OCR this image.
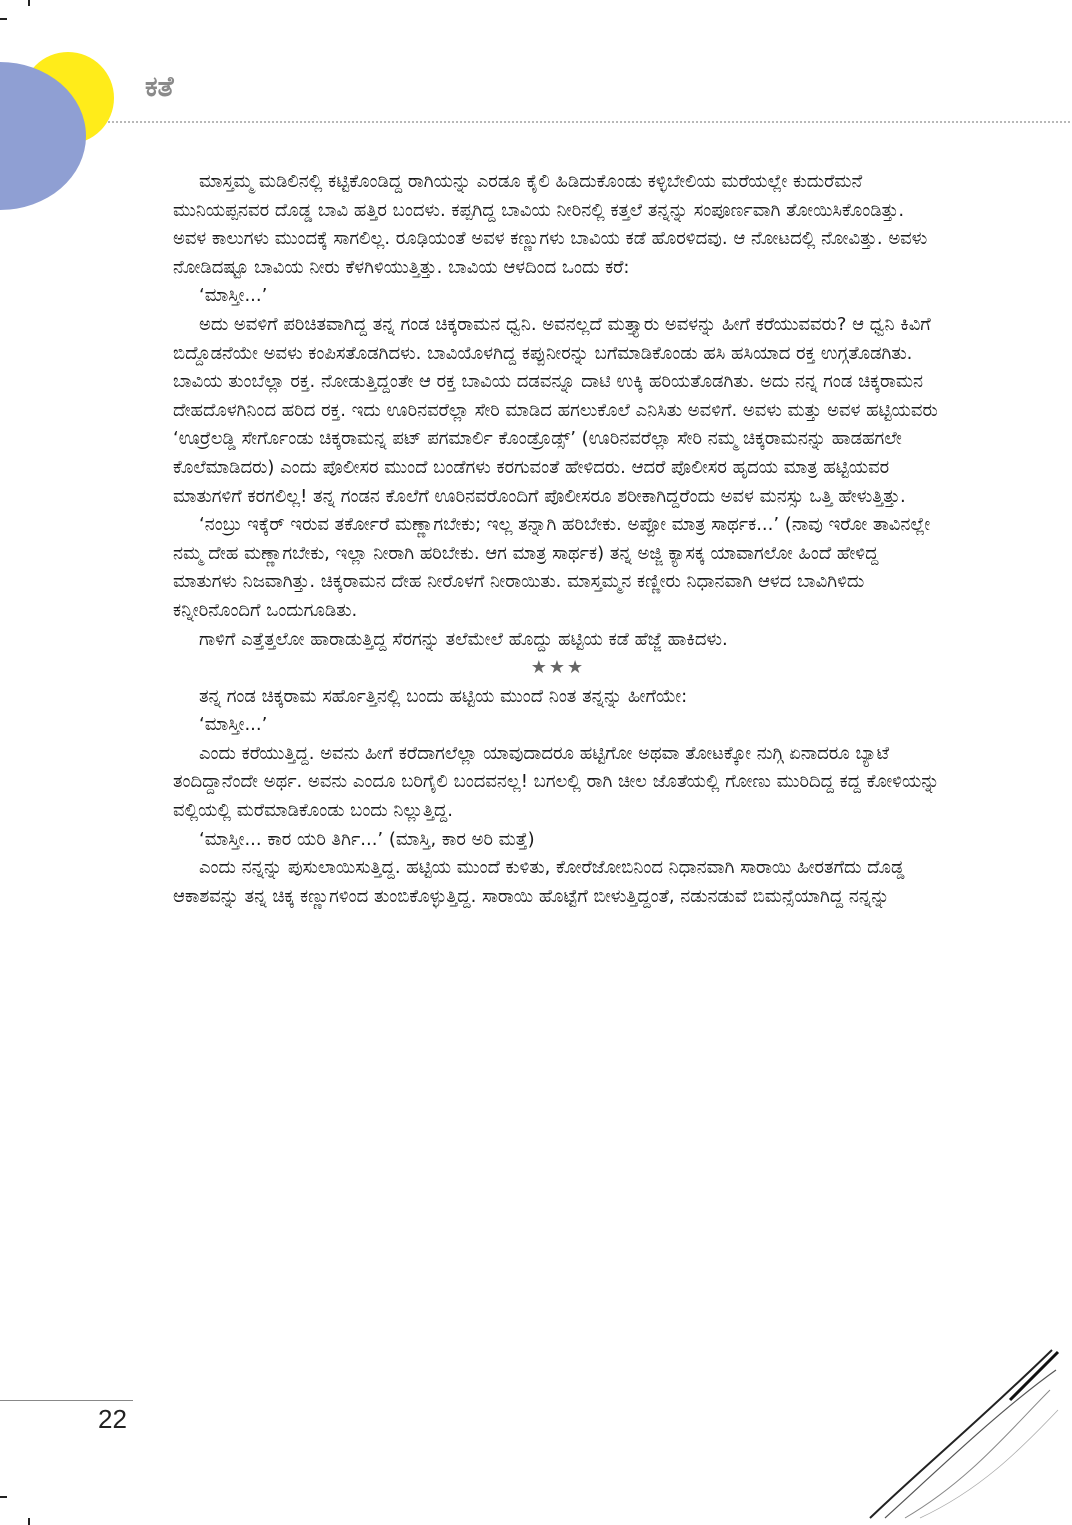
ಕತೆ

ಮಾಸ್ತಮ್ಮ ಮಡಿಲಿನಲ್ಲಿ ಕಟ್ಟಿಕೊಂಡಿದ್ದ ರಾಗಿಯನ್ನು ಎರಡೂ ಕೈಲಿ ಹಿಡಿದುಕೊಂಡು ಕಳ್ಳಿಬೇಲಿಯ ಮರೆಯಲ್ಲೇ ಕುದುರೆಮನೆ ಮುನಿಯಪ್ಪನವರ ದೊಡ್ಡ ಬಾವಿ ಹತ್ತಿರ ಬಂದಳು. ಕಪ್ಪಗಿದ್ದ ಬಾವಿಯ ನೀರಿನಲ್ಲಿ ಕತ್ತಲೆ ತನ್ನನ್ನು ಸಂಪೂರ್ಣವಾಗಿ ತೋಯಿಸಿಕೊಂಡಿತ್ತು. ಅವಳ ಕಾಲುಗಳು ಮುಂದಕ್ಕೆ ಸಾಗಲಿಲ್ಲ. ರೂಢಿಯಂತೆ ಅವಳ ಕಣ್ಣುಗಳು ಬಾವಿಯ ಕಡೆ ಹೊರಳಿದವು. ಆ ನೋಟದಲ್ಲಿ ನೋವಿತ್ತು. ಅವಳು ನೋಡಿದಷ್ಟೂ ಬಾವಿಯ ನೀರು ಕೆಳಗಿಳಿಯುತ್ತಿತ್ತು. ಬಾವಿಯ ಆಳದಿಂದ ಒಂದು ಕರೆ:

‘ಮಾಸ್ತೀ...’

ಅದು ಅವಳಿಗೆ ಪರಿಚಿತವಾಗಿದ್ದ ತನ್ನ ಗಂಡ ಚಿಕ್ಕರಾಮನ ಧ್ವನಿ. ಅವನಲ್ಲದೆ ಮತ್ತ್ಯಾರು ಅವಳನ್ನು ಹೀಗೆ ಕರೆಯುವವರು? ಆ ಧ್ವನಿ ಕಿವಿಗೆ ಬಿದ್ದೊಡನೆಯೇ ಅವಳು ಕಂಪಿಸತೊಡಗಿದಳು. ಬಾವಿಯೊಳಗಿದ್ದ ಕಪ್ಪುನೀರನ್ನು ಬಗೆಮಾಡಿಕೊಂಡು ಹಸಿ ಹಸಿಯಾದ ರಕ್ತ ಉಗ್ಗತೊಡಗಿತು. ಬಾವಿಯ ತುಂಬೆಲ್ಲಾ ರಕ್ತ. ನೋಡುತ್ತಿದ್ದಂತೇ ಆ ರಕ್ತ ಬಾವಿಯ ದಡವನ್ನೂ ದಾಟಿ ಉಕ್ಕಿ ಹರಿಯತೊಡಗಿತು. ಅದು ನನ್ನ ಗಂಡ ಚಿಕ್ಕರಾಮನ ದೇಹದೊಳಗಿನಿಂದ ಹರಿದ ರಕ್ತ. ಇದು ಊರಿನವರೆಲ್ಲಾ ಸೇರಿ ಮಾಡಿದ ಹಗಲುಕೊಲೆ ಎನಿಸಿತು ಅವಳಿಗೆ. ಅವಳು ಮತ್ತು ಅವಳ ಹಟ್ಟಿಯವರು ‘ಊರ್ರೆಲಡ್ಡಿ ಸೇರ್ಗೊಂಡು ಚಿಕ್ಕರಾಮನ್ನ ಪಟ್ ಪಗಮಾರ್ಲಿ ಕೊಂಡ್ರೊಡ್ಸ್’ (ಊರಿನವರೆಲ್ಲಾ ಸೇರಿ ನಮ್ಮ ಚಿಕ್ಕರಾಮನನ್ನು ಹಾಡಹಗಲೇ ಕೊಲೆಮಾಡಿದರು) ಎಂದು ಪೊಲೀಸರ ಮುಂದೆ ಬಂಡೆಗಳು ಕರಗುವಂತೆ ಹೇಳಿದರು. ಆದರೆ ಪೊಲೀಸರ ಹೃದಯ ಮಾತ್ರ ಹಟ್ಟಿಯವರ ಮಾತುಗಳಿಗೆ ಕರಗಲಿಲ್ಲ! ತನ್ನ ಗಂಡನ ಕೊಲೆಗೆ ಊರಿನವರೊಂದಿಗೆ ಪೊಲೀಸರೂ ಶರೀಕಾಗಿದ್ದರೆಂದು ಅವಳ ಮನಸ್ಸು ಒತ್ತಿ ಹೇಳುತ್ತಿತ್ತು.

‘ನಂಬ್ರು ಇಕ್ಕೆರ್ ಇರುವ ತರ್ಕೋರೆ ಮಣ್ಣಾಗಬೇಕು; ಇಲ್ಲ ತನ್ನಾಗಿ ಹರಿಬೇಕು. ಅಪ್ಪೋ ಮಾತ್ರ ಸಾರ್ಥಕ...’ (ನಾವು ಇರೋ ತಾವಿನಲ್ಲೇ ನಮ್ಮ ದೇಹ ಮಣ್ಣಾಗಬೇಕು, ಇಲ್ಲಾ ನೀರಾಗಿ ಹರಿಬೇಕು. ಆಗ ಮಾತ್ರ ಸಾರ್ಥಕ) ತನ್ನ ಅಜ್ಜಿ ಕ್ಯಾಸಕ್ಕ ಯಾವಾಗಲೋ ಹಿಂದೆ ಹೇಳಿದ್ದ ಮಾತುಗಳು ನಿಜವಾಗಿತ್ತು. ಚಿಕ್ಕರಾಮನ ದೇಹ ನೀರೊಳಗೆ ನೀರಾಯಿತು. ಮಾಸ್ತಮ್ಮನ ಕಣ್ಣೀರು ನಿಧಾನವಾಗಿ ಆಳದ ಬಾವಿಗಿಳಿದು ಕನ್ನೀರಿನೊಂದಿಗೆ ಒಂದುಗೂಡಿತು.

ಗಾಳಿಗೆ ಎತ್ತೆತ್ತಲೋ ಹಾರಾಡುತ್ತಿದ್ದ ಸೆರಗನ್ನು ತಲೆಮೇಲೆ ಹೊದ್ದು ಹಟ್ಟಿಯ ಕಡೆ ಹೆಜ್ಜೆ ಹಾಕಿದಳು.

★★★

ತನ್ನ ಗಂಡ ಚಿಕ್ಕರಾಮ ಸರ್ಹೊತ್ತಿನಲ್ಲಿ ಬಂದು ಹಟ್ಟಿಯ ಮುಂದೆ ನಿಂತ ತನ್ನನ್ನು ಹೀಗೆಯೇ:

‘ಮಾಸ್ತೀ...’

ಎಂದು ಕರೆಯುತ್ತಿದ್ದ. ಅವನು ಹೀಗೆ ಕರೆದಾಗಲೆಲ್ಲಾ ಯಾವುದಾದರೂ ಹಟ್ಟಿಗೋ ಅಥವಾ ತೋಟಕ್ಕೋ ನುಗ್ಗಿ ಏನಾದರೂ ಬ್ಯಾಟೆ ತಂದಿದ್ದಾನೆಂದೇ ಅರ್ಥ. ಅವನು ಎಂದೂ ಬರಿಗೈಲಿ ಬಂದವನಲ್ಲ! ಬಗಲಲ್ಲಿ ರಾಗಿ ಚೀಲ ಜೊತೆಯಲ್ಲಿ ಗೋಣು ಮುರಿದಿದ್ದ ಕದ್ದ ಕೋಳಿಯನ್ನು ವಲ್ಲಿಯಲ್ಲಿ ಮರೆಮಾಡಿಕೊಂಡು ಬಂದು ನಿಲ್ಲುತ್ತಿದ್ದ.

‘ಮಾಸ್ತೀ... ಕಾರ ಯರಿ ತಿರ್ಗಿ...’ (ಮಾಸ್ತಿ, ಕಾರ ಅರಿ ಮತ್ತೆ)

ಎಂದು ನನ್ನನ್ನು ಪುಸುಲಾಯಿಸುತ್ತಿದ್ದ. ಹಟ್ಟಿಯ ಮುಂದೆ ಕುಳಿತು, ಕೋರೆಜೋಬಿನಿಂದ ನಿಧಾನವಾಗಿ ಸಾರಾಯಿ ಹೀರತಗೆದು ದೊಡ್ಡ ಆಕಾಶವನ್ನು ತನ್ನ ಚಿಕ್ಕ ಕಣ್ಣುಗಳಿಂದ ತುಂಬಿಕೊಳ್ಳುತ್ತಿದ್ದ. ಸಾರಾಯಿ ಹೊಟ್ಟೆಗೆ ಬೀಳುತ್ತಿದ್ದಂತೆ, ನಡುನಡುವೆ ಬಿಮನ್ಸೆಯಾಗಿದ್ದ ನನ್ನನ್ನು

22
